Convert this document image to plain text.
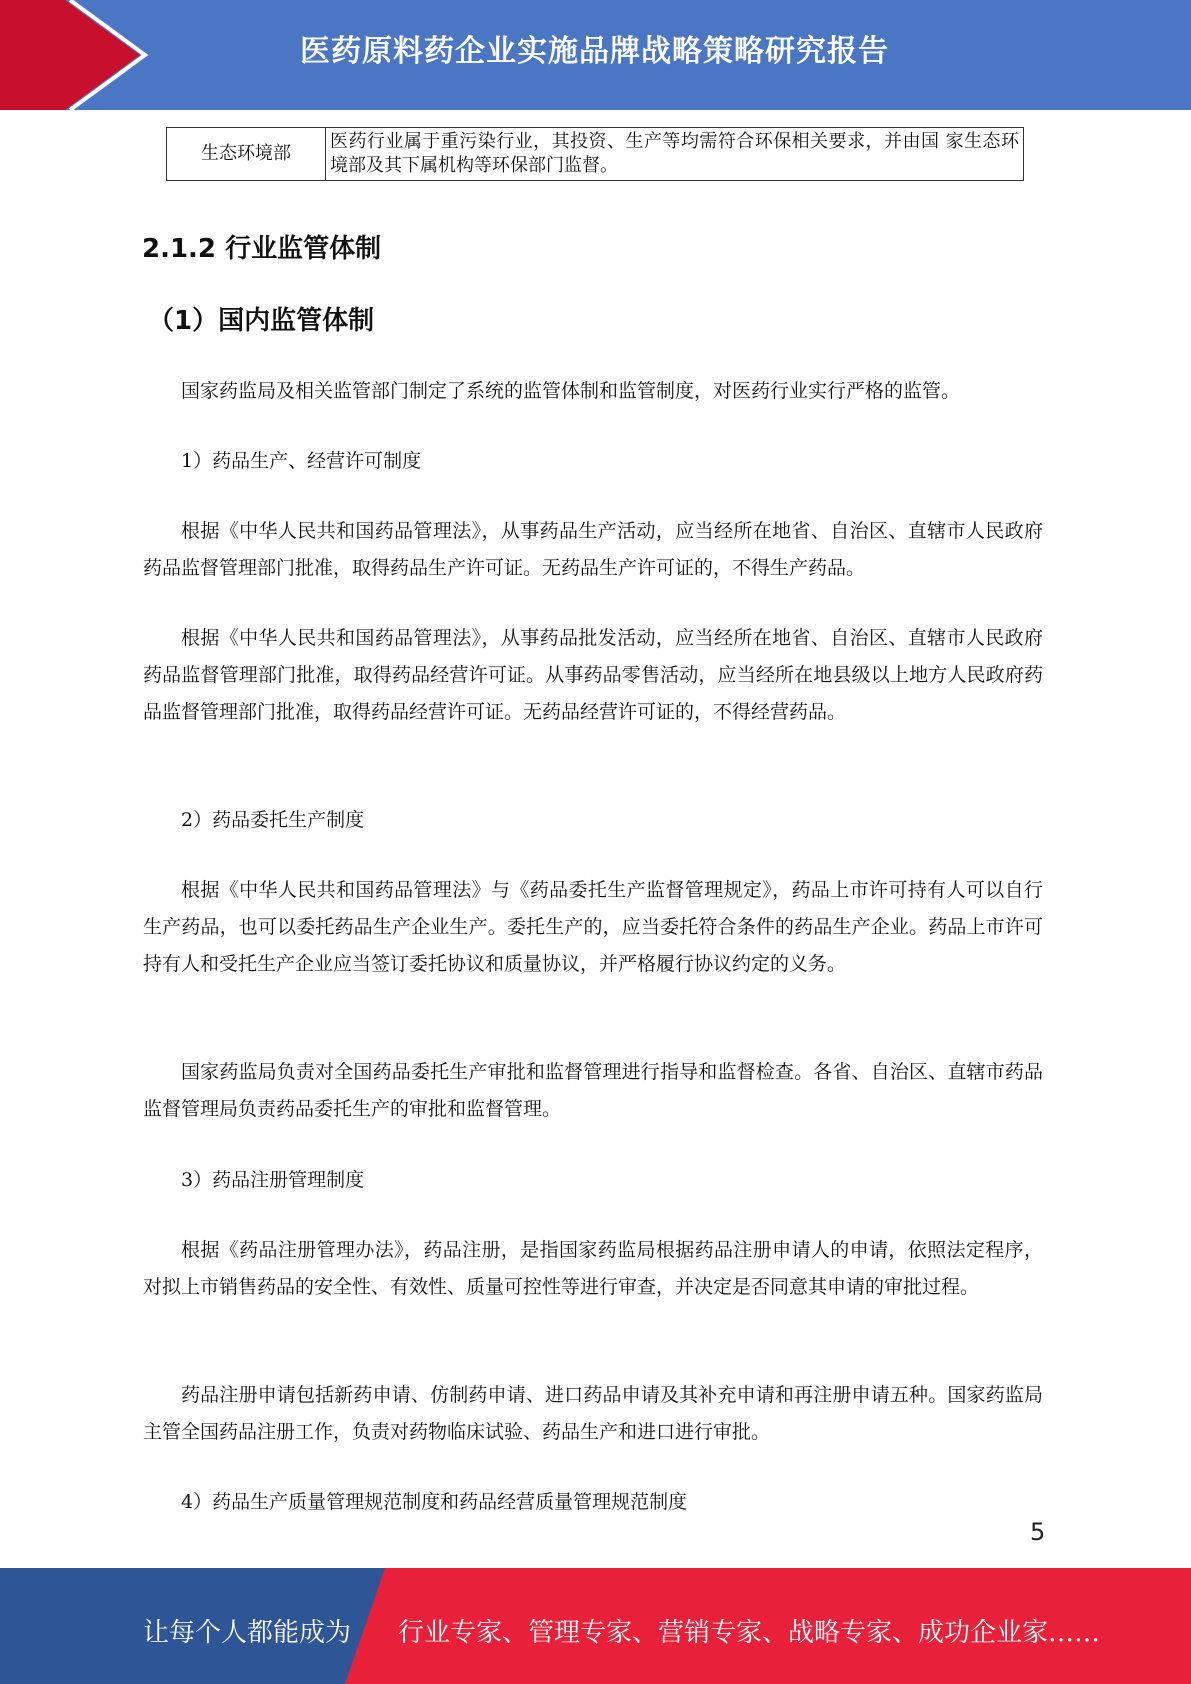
医药原料药企业实施品牌战略策略研究报告
生态环境部	医药行业属于重污染行业，其投资、生产等均需符合环保相关要求，并由国 家生态环境部及其下属机构等环保部门监督。
2.1.2 行业监管体制
（1）国内监管体制

国家药监局及相关监管部门制定了系统的监管体制和监管制度，对医药行业实行严格的监管。

1）药品生产、经营许可制度

根据《中华人民共和国药品管理法》，从事药品生产活动，应当经所在地省、自治区、直辖市人民政府药品监督管理部门批准，取得药品生产许可证。无药品生产许可证的，不得生产药品。

根据《中华人民共和国药品管理法》，从事药品批发活动，应当经所在地省、自治区、直辖市人民政府药品监督管理部门批准，取得药品经营许可证。从事药品零售活动，应当经所在地县级以上地方人民政府药品监督管理部门批准，取得药品经营许可证。无药品经营许可证的，不得经营药品。

2）药品委托生产制度

根据《中华人民共和国药品管理法》与《药品委托生产监督管理规定》，药品上市许可持有人可以自行生产药品，也可以委托药品生产企业生产。委托生产的，应当委托符合条件的药品生产企业。药品上市许可持有人和受托生产企业应当签订委托协议和质量协议，并严格履行协议约定的义务。

国家药监局负责对全国药品委托生产审批和监督管理进行指导和监督检查。各省、自治区、直辖市药品监督管理局负责药品委托生产的审批和监督管理。

3）药品注册管理制度

根据《药品注册管理办法》，药品注册，是指国家药监局根据药品注册申请人的申请，依照法定程序，对拟上市销售药品的安全性、有效性、质量可控性等进行审查，并决定是否同意其申请的审批过程。

药品注册申请包括新药申请、仿制药申请、进口药品申请及其补充申请和再注册申请五种。国家药监局主管全国药品注册工作，负责对药物临床试验、药品生产和进口进行审批。

4）药品生产质量管理规范制度和药品经营质量管理规范制度

5
让每个人都能成为 行业专家、管理专家、营销专家、战略专家、成功企业家……
